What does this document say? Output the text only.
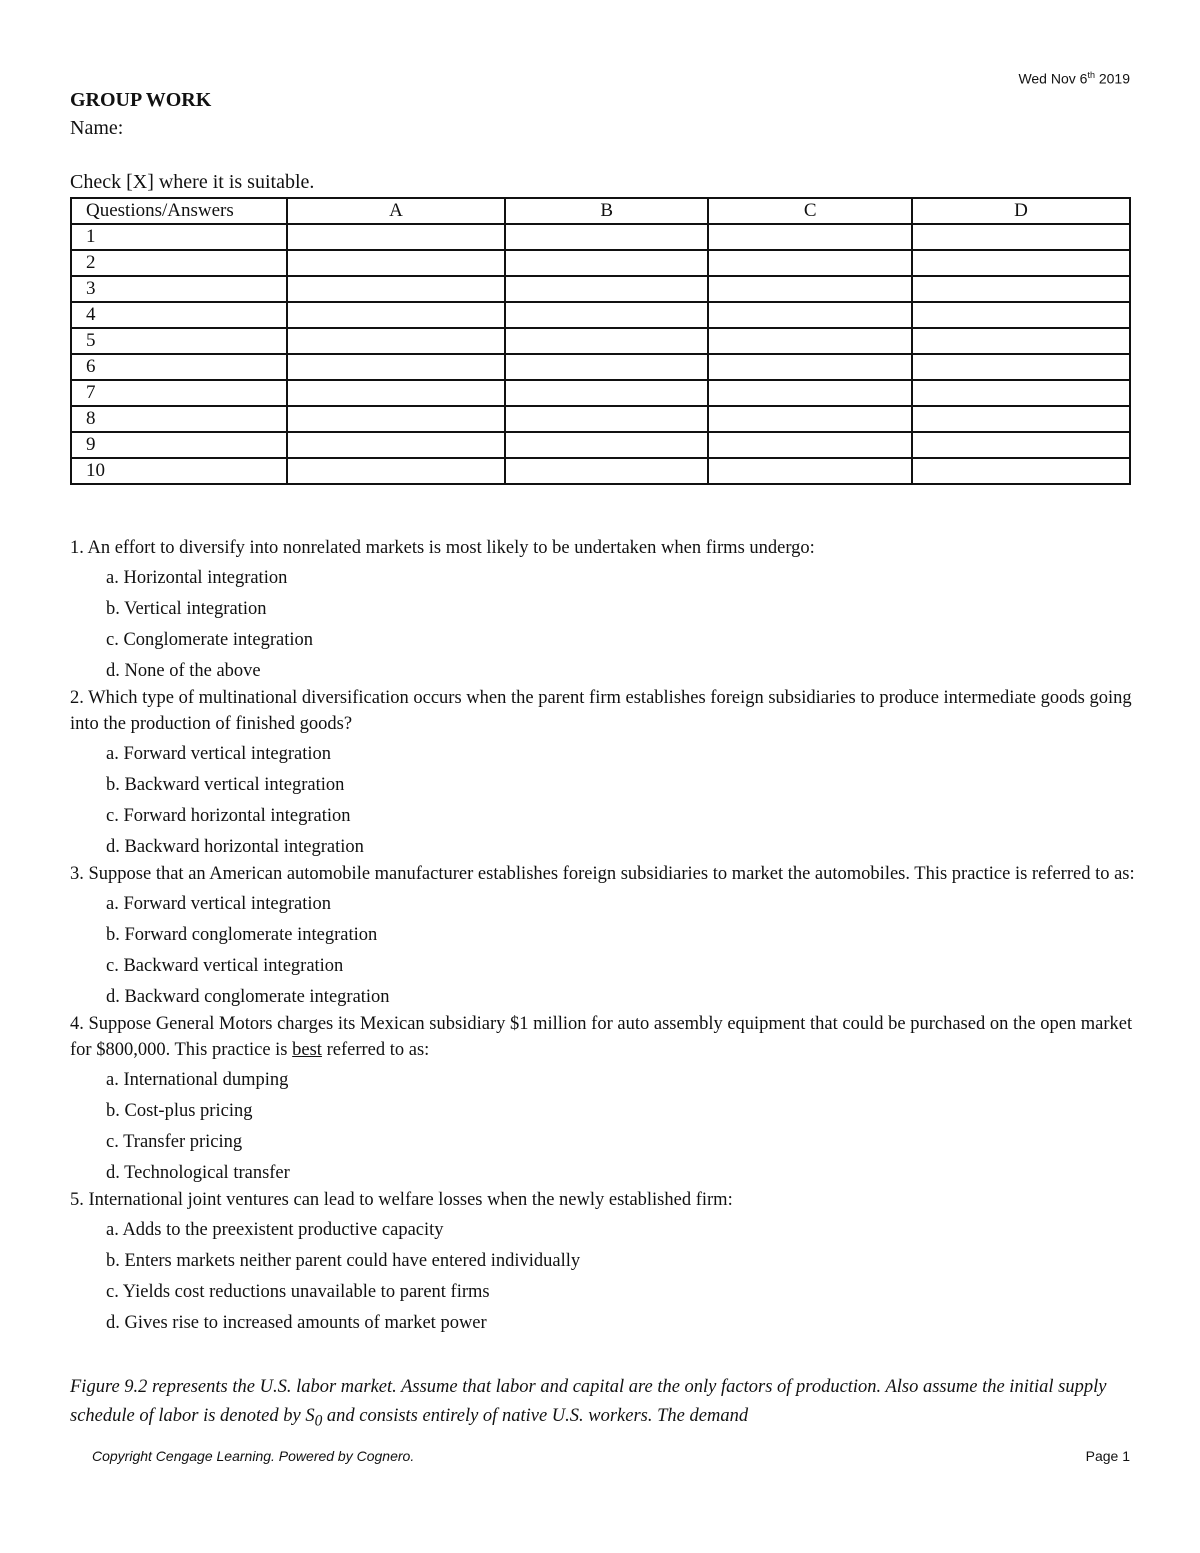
Wed Nov 6th 2019
GROUP WORK
Name:
Check [X] where it is suitable.
Questions/Answers	A	B	C	D
1				
2				
3				
4				
5				
6				
7				
8				
9				
10				

1. An effort to diversify into nonrelated markets is most likely to be undertaken when firms undergo:

a. Horizontal integration
b. Vertical integration
c. Conglomerate integration
d. None of the above

2. Which type of multinational diversification occurs when the parent firm establishes foreign subsidiaries to produce intermediate goods going into the production of finished goods?

a. Forward vertical integration
b. Backward vertical integration
c. Forward horizontal integration
d. Backward horizontal integration

3. Suppose that an American automobile manufacturer establishes foreign subsidiaries to market the automobiles. This practice is referred to as:

a. Forward vertical integration
b. Forward conglomerate integration
c. Backward vertical integration
d. Backward conglomerate integration

4. Suppose General Motors charges its Mexican subsidiary $1 million for auto assembly equipment that could be purchased on the open market for $800,000. This practice is best referred to as:

a. International dumping
b. Cost-plus pricing
c. Transfer pricing
d. Technological transfer

5. International joint ventures can lead to welfare losses when the newly established firm:

a. Adds to the preexistent productive capacity
b. Enters markets neither parent could have entered individually
c. Yields cost reductions unavailable to parent firms
d. Gives rise to increased amounts of market power
Figure 9.2 represents the U.S. labor market. Assume that labor and capital are the only factors of production. Also assume the initial supply schedule of labor is denoted by $S_0$ and consists entirely of native U.S. workers. The demand
Copyright Cengage Learning. Powered by Cognero.	Page 1
